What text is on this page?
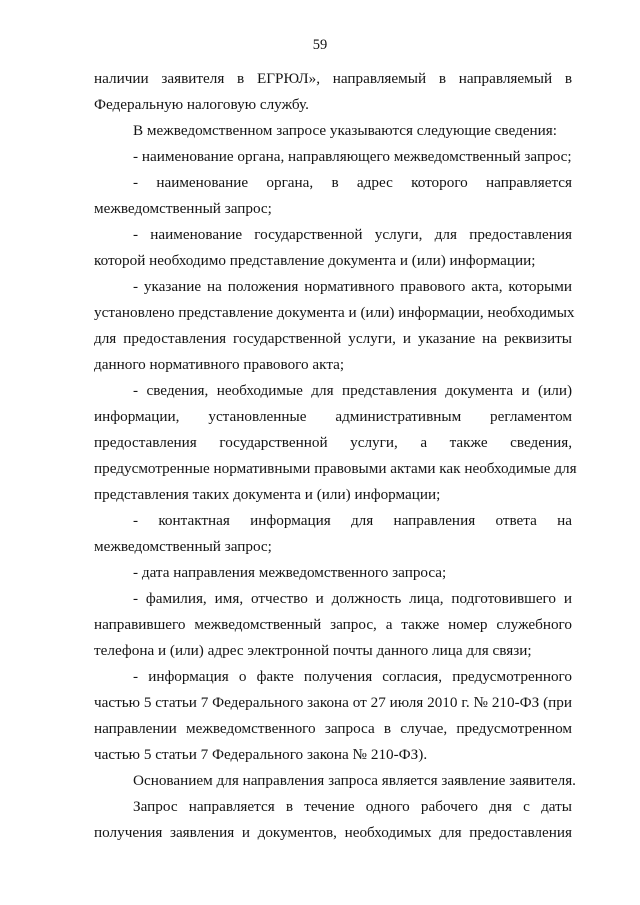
59
наличии заявителя в ЕГРЮЛ», направляемый в направляемый в
Федеральную налоговую службу.
В межведомственном запросе указываются следующие сведения:
- наименование органа, направляющего межведомственный запрос;
- наименование органа, в адрес которого направляется
межведомственный запрос;
- наименование государственной услуги, для предоставления
которой необходимо представление документа и (или) информации;
- указание на положения нормативного правового акта, которыми
установлено представление документа и (или) информации, необходимых
для предоставления государственной услуги, и указание на реквизиты
данного нормативного правового акта;
- сведения, необходимые для представления документа и (или)
информации, установленные административным регламентом
предоставления государственной услуги, а также сведения,
предусмотренные нормативными правовыми актами как необходимые для
представления таких документа и (или) информации;
- контактная информация для направления ответа на
межведомственный запрос;
- дата направления межведомственного запроса;
- фамилия, имя, отчество и должность лица, подготовившего и
направившего межведомственный запрос, а также номер служебного
телефона и (или) адрес электронной почты данного лица для связи;
- информация о факте получения согласия, предусмотренного
частью 5 статьи 7 Федерального закона от 27 июля 2010 г. № 210-ФЗ (при
направлении межведомственного запроса в случае, предусмотренном
частью 5 статьи 7 Федерального закона № 210-ФЗ).
Основанием для направления запроса является заявление заявителя.
Запрос направляется в течение одного рабочего дня с даты
получения заявления и документов, необходимых для предоставления
